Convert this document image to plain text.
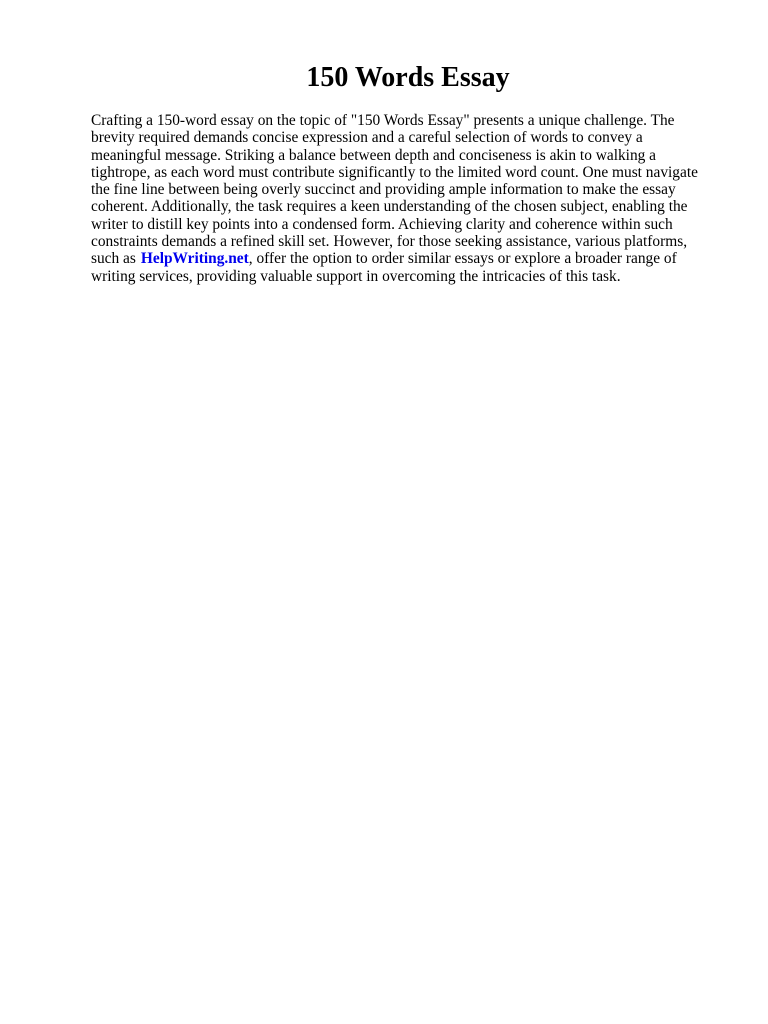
150 Words Essay
Crafting a 150-word essay on the topic of "150 Words Essay" presents a unique challenge. The
brevity required demands concise expression and a careful selection of words to convey a
meaningful message. Striking a balance between depth and conciseness is akin to walking a
tightrope, as each word must contribute significantly to the limited word count. One must navigate
the fine line between being overly succinct and providing ample information to make the essay
coherent. Additionally, the task requires a keen understanding of the chosen subject, enabling the
writer to distill key points into a condensed form. Achieving clarity and coherence within such
constraints demands a refined skill set. However, for those seeking assistance, various platforms,
such as HelpWriting.net, offer the option to order similar essays or explore a broader range of
writing services, providing valuable support in overcoming the intricacies of this task.
